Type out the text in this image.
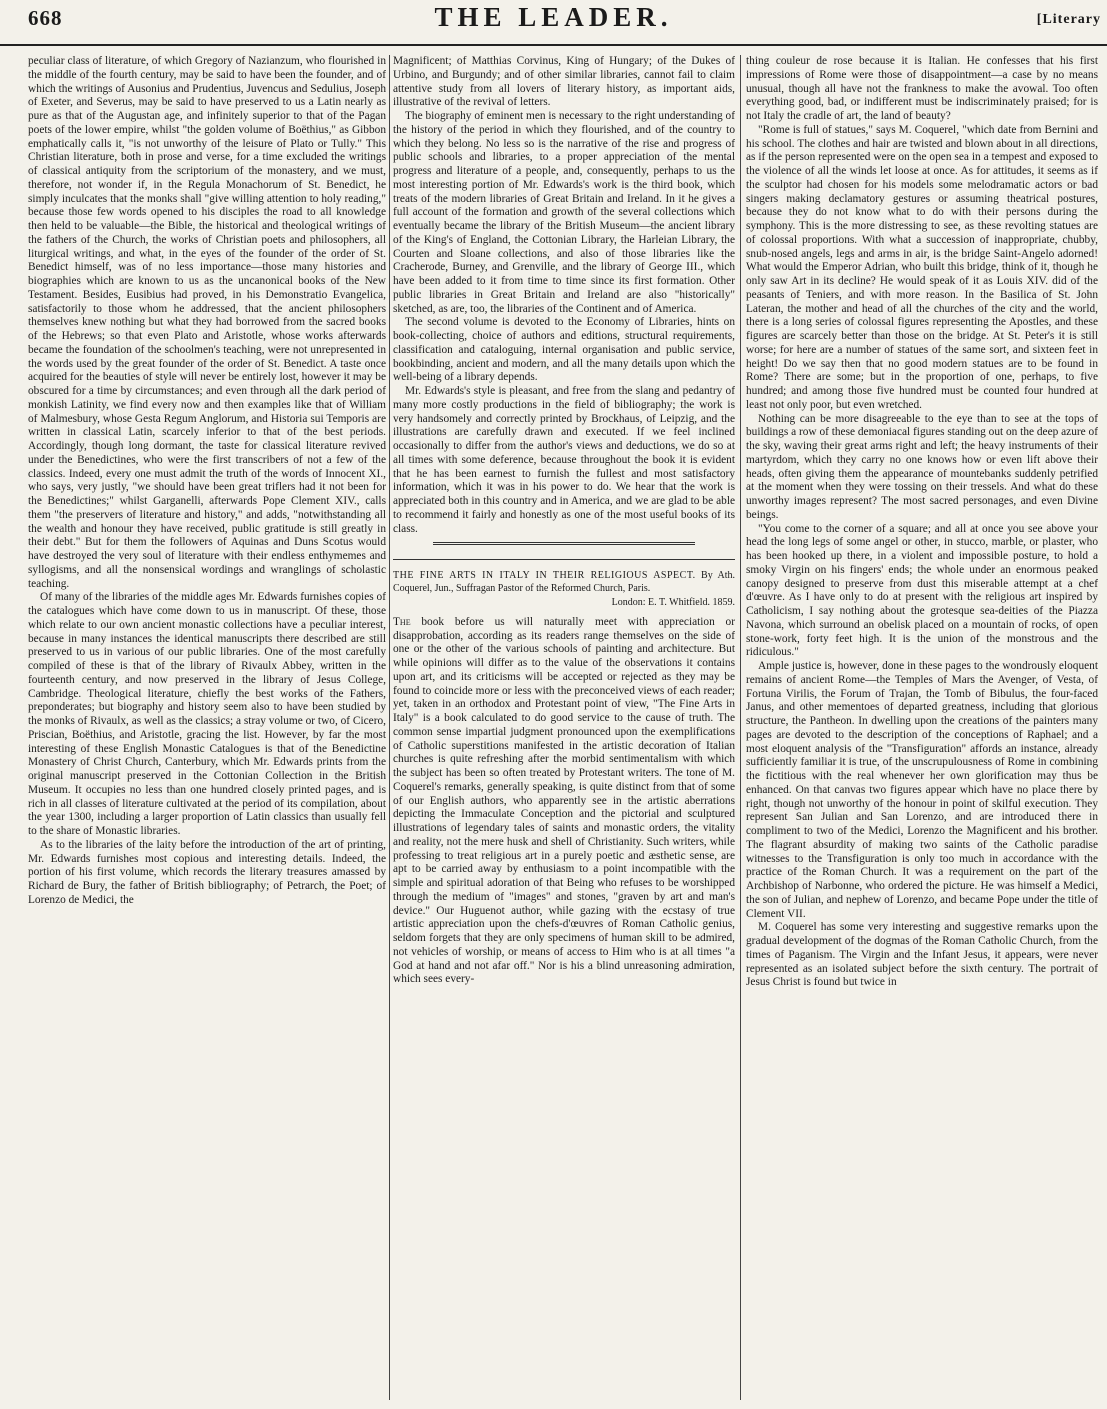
668	THE LEADER.	[Literary

peculiar class of literature, of which Gregory of Nazianzum, who flourished in the middle of the fourth century, may be said to have been the founder, and of which the writings of Ausonius and Prudentius, Juvencus and Sedulius, Joseph of Exeter, and Severus, may be said to have preserved to us a Latin nearly as pure as that of the Augustan age, and infinitely superior to that of the Pagan poets of the lower empire, whilst "the golden volume of Boëthius," as Gibbon emphatically calls it, "is not unworthy of the leisure of Plato or Tully." This Christian literature, both in prose and verse, for a time excluded the writings of classical antiquity from the scriptorium of the monastery, and we must, therefore, not wonder if, in the Regula Monachorum of St. Benedict, he simply inculcates that the monks shall "give willing attention to holy reading," because those few words opened to his disciples the road to all knowledge then held to be valuable—the Bible, the historical and theological writings of the fathers of the Church, the works of Christian poets and philosophers, all liturgical writings, and what, in the eyes of the founder of the order of St. Benedict himself, was of no less importance—those many histories and biographies which are known to us as the uncanonical books of the New Testament. Besides, Eusibius had proved, in his Demonstratio Evangelica, satisfactorily to those whom he addressed, that the ancient philosophers themselves knew nothing but what they had borrowed from the sacred books of the Hebrews; so that even Plato and Aristotle, whose works afterwards became the foundation of the schoolmen's teaching, were not unrepresented in the words used by the great founder of the order of St. Benedict. A taste once acquired for the beauties of style will never be entirely lost, however it may be obscured for a time by circumstances; and even through all the dark period of monkish Latinity, we find every now and then examples like that of William of Malmesbury, whose Gesta Regum Anglorum, and Historia sui Temporis are written in classical Latin, scarcely inferior to that of the best periods. Accordingly, though long dormant, the taste for classical literature revived under the Benedictines, who were the first transcribers of not a few of the classics. Indeed, every one must admit the truth of the words of Innocent XI., who says, very justly, "we should have been great triflers had it not been for the Benedictines;" whilst Garganelli, afterwards Pope Clement XIV., calls them "the preservers of literature and history," and adds, "notwithstanding all the wealth and honour they have received, public gratitude is still greatly in their debt." But for them the followers of Aquinas and Duns Scotus would have destroyed the very soul of literature with their endless enthymemes and syllogisms, and all the nonsensical wordings and wranglings of scholastic teaching.

Of many of the libraries of the middle ages Mr. Edwards furnishes copies of the catalogues which have come down to us in manuscript. Of these, those which relate to our own ancient monastic collections have a peculiar interest, because in many instances the identical manuscripts there described are still preserved to us in various of our public libraries. One of the most carefully compiled of these is that of the library of Rivaulx Abbey, written in the fourteenth century, and now preserved in the library of Jesus College, Cambridge. Theological literature, chiefly the best works of the Fathers, preponderates; but biography and history seem also to have been studied by the monks of Rivaulx, as well as the classics; a stray volume or two, of Cicero, Priscian, Boëthius, and Aristotle, gracing the list. However, by far the most interesting of these English Monastic Catalogues is that of the Benedictine Monastery of Christ Church, Canterbury, which Mr. Edwards prints from the original manuscript preserved in the Cottonian Collection in the British Museum. It occupies no less than one hundred closely printed pages, and is rich in all classes of literature cultivated at the period of its compilation, about the year 1300, including a larger proportion of Latin classics than usually fell to the share of Monastic libraries.

As to the libraries of the laity before the introduction of the art of printing, Mr. Edwards furnishes most copious and interesting details. Indeed, the portion of his first volume, which records the literary treasures amassed by Richard de Bury, the father of British bibliography; of Petrarch, the Poet; of Lorenzo de Medici, the

Magnificent; of Matthias Corvinus, King of Hungary; of the Dukes of Urbino, and Burgundy; and of other similar libraries, cannot fail to claim attentive study from all lovers of literary history, as important aids, illustrative of the revival of letters.

The biography of eminent men is necessary to the right understanding of the history of the period in which they flourished, and of the country to which they belong. No less so is the narrative of the rise and progress of public schools and libraries, to a proper appreciation of the mental progress and literature of a people, and, consequently, perhaps to us the most interesting portion of Mr. Edwards's work is the third book, which treats of the modern libraries of Great Britain and Ireland. In it he gives a full account of the formation and growth of the several collections which eventually became the library of the British Museum—the ancient library of the King's of England, the Cottonian Library, the Harleian Library, the Courten and Sloane collections, and also of those libraries like the Cracherode, Burney, and Grenville, and the library of George III., which have been added to it from time to time since its first formation. Other public libraries in Great Britain and Ireland are also "historically" sketched, as are, too, the libraries of the Continent and of America.

The second volume is devoted to the Economy of Libraries, hints on book-collecting, choice of authors and editions, structural requirements, classification and cataloguing, internal organisation and public service, bookbinding, ancient and modern, and all the many details upon which the well-being of a library depends.

Mr. Edwards's style is pleasant, and free from the slang and pedantry of many more costly productions in the field of bibliography; the work is very handsomely and correctly printed by Brockhaus, of Leipzig, and the illustrations are carefully drawn and executed. If we feel inclined occasionally to differ from the author's views and deductions, we do so at all times with some deference, because throughout the book it is evident that he has been earnest to furnish the fullest and most satisfactory information, which it was in his power to do. We hear that the work is appreciated both in this country and in America, and we are glad to be able to recommend it fairly and honestly as one of the most useful books of its class.

THE FINE ARTS IN ITALY IN THEIR RELIGIOUS ASPECT. By Ath. Coquerel, Jun., Suffragan Pastor of the Reformed Church, Paris.
London: E. T. Whitfield. 1859.

The book before us will naturally meet with appreciation or disapprobation, according as its readers range themselves on the side of one or the other of the various schools of painting and architecture. But while opinions will differ as to the value of the observations it contains upon art, and its criticisms will be accepted or rejected as they may be found to coincide more or less with the preconceived views of each reader; yet, taken in an orthodox and Protestant point of view, "The Fine Arts in Italy" is a book calculated to do good service to the cause of truth. The common sense impartial judgment pronounced upon the exemplifications of Catholic superstitions manifested in the artistic decoration of Italian churches is quite refreshing after the morbid sentimentalism with which the subject has been so often treated by Protestant writers. The tone of M. Coquerel's remarks, generally speaking, is quite distinct from that of some of our English authors, who apparently see in the artistic aberrations depicting the Immaculate Conception and the pictorial and sculptured illustrations of legendary tales of saints and monastic orders, the vitality and reality, not the mere husk and shell of Christianity. Such writers, while professing to treat religious art in a purely poetic and æsthetic sense, are apt to be carried away by enthusiasm to a point incompatible with the simple and spiritual adoration of that Being who refuses to be worshipped through the medium of "images" and stones, "graven by art and man's device." Our Huguenot author, while gazing with the ecstasy of true artistic appreciation upon the chefs-d'œuvres of Roman Catholic genius, seldom forgets that they are only specimens of human skill to be admired, not vehicles of worship, or means of access to Him who is at all times "a God at hand and not afar off." Nor is his a blind unreasoning admiration, which sees every-

thing couleur de rose because it is Italian. He confesses that his first impressions of Rome were those of disappointment—a case by no means unusual, though all have not the frankness to make the avowal. Too often everything good, bad, or indifferent must be indiscriminately praised; for is not Italy the cradle of art, the land of beauty?

"Rome is full of statues," says M. Coquerel, "which date from Bernini and his school. The clothes and hair are twisted and blown about in all directions, as if the person represented were on the open sea in a tempest and exposed to the violence of all the winds let loose at once. As for attitudes, it seems as if the sculptor had chosen for his models some melodramatic actors or bad singers making declamatory gestures or assuming theatrical postures, because they do not know what to do with their persons during the symphony. This is the more distressing to see, as these revolting statues are of colossal proportions. With what a succession of inappropriate, chubby, snub-nosed angels, legs and arms in air, is the bridge Saint-Angelo adorned! What would the Emperor Adrian, who built this bridge, think of it, though he only saw Art in its decline? He would speak of it as Louis XIV. did of the peasants of Teniers, and with more reason. In the Basilica of St. John Lateran, the mother and head of all the churches of the city and the world, there is a long series of colossal figures representing the Apostles, and these figures are scarcely better than those on the bridge. At St. Peter's it is still worse; for here are a number of statues of the same sort, and sixteen feet in height! Do we say then that no good modern statues are to be found in Rome? There are some; but in the proportion of one, perhaps, to five hundred; and among those five hundred must be counted four hundred at least not only poor, but even wretched.

Nothing can be more disagreeable to the eye than to see at the tops of buildings a row of these demoniacal figures standing out on the deep azure of the sky, waving their great arms right and left; the heavy instruments of their martyrdom, which they carry no one knows how or even lift above their heads, often giving them the appearance of mountebanks suddenly petrified at the moment when they were tossing on their tressels. And what do these unworthy images represent? The most sacred personages, and even Divine beings.

"You come to the corner of a square; and all at once you see above your head the long legs of some angel or other, in stucco, marble, or plaster, who has been hooked up there, in a violent and impossible posture, to hold a smoky Virgin on his fingers' ends; the whole under an enormous peaked canopy designed to preserve from dust this miserable attempt at a chef d'œuvre. As I have only to do at present with the religious art inspired by Catholicism, I say nothing about the grotesque sea-deities of the Piazza Navona, which surround an obelisk placed on a mountain of rocks, of open stone-work, forty feet high. It is the union of the monstrous and the ridiculous."

Ample justice is, however, done in these pages to the wondrously eloquent remains of ancient Rome—the Temples of Mars the Avenger, of Vesta, of Fortuna Virilis, the Forum of Trajan, the Tomb of Bibulus, the four-faced Janus, and other mementoes of departed greatness, including that glorious structure, the Pantheon. In dwelling upon the creations of the painters many pages are devoted to the description of the conceptions of Raphael; and a most eloquent analysis of the "Transfiguration" affords an instance, already sufficiently familiar it is true, of the unscrupulousness of Rome in combining the fictitious with the real whenever her own glorification may thus be enhanced. On that canvas two figures appear which have no place there by right, though not unworthy of the honour in point of skilful execution. They represent San Julian and San Lorenzo, and are introduced there in compliment to two of the Medici, Lorenzo the Magnificent and his brother. The flagrant absurdity of making two saints of the Catholic paradise witnesses to the Transfiguration is only too much in accordance with the practice of the Roman Church. It was a requirement on the part of the Archbishop of Narbonne, who ordered the picture. He was himself a Medici, the son of Julian, and nephew of Lorenzo, and became Pope under the title of Clement VII.

M. Coquerel has some very interesting and suggestive remarks upon the gradual development of the dogmas of the Roman Catholic Church, from the times of Paganism. The Virgin and the Infant Jesus, it appears, were never represented as an isolated subject before the sixth century. The portrait of Jesus Christ is found but twice in
